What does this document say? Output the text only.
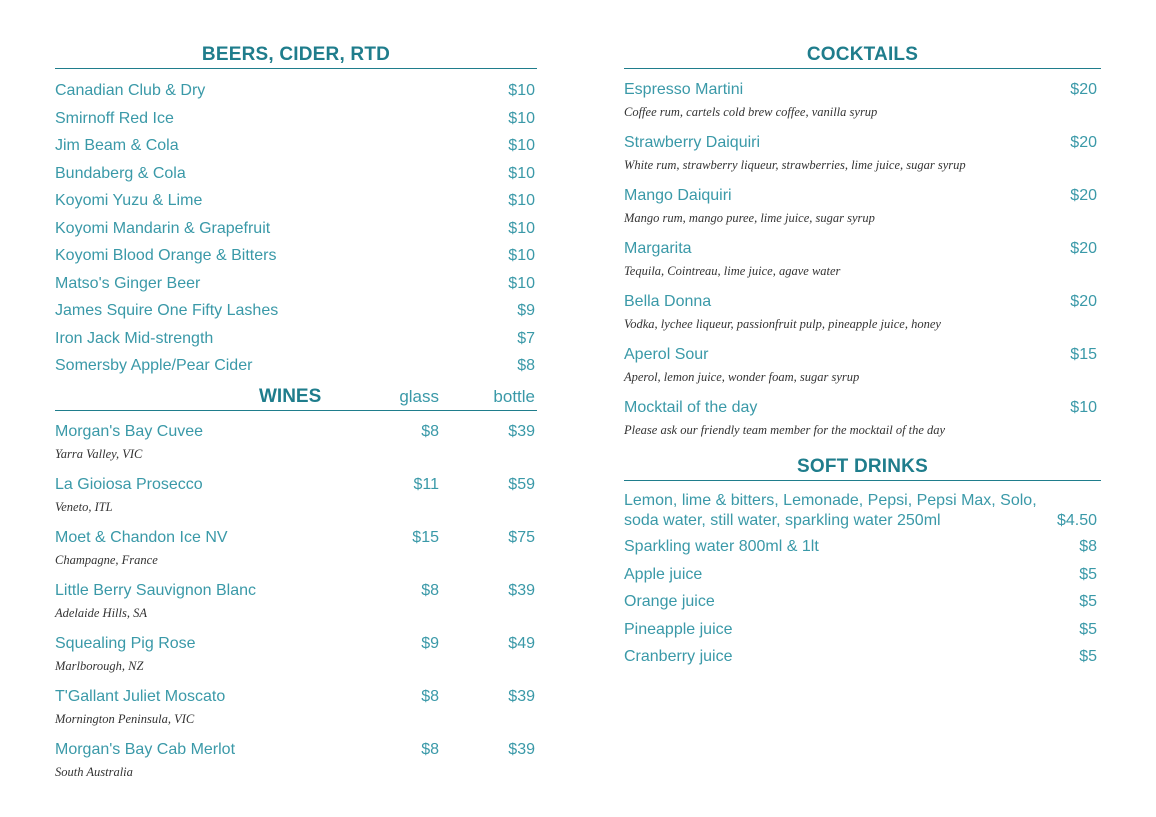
BEERS, CIDER, RTD
Canadian Club & Dry	$10
Smirnoff Red Ice	$10
Jim Beam & Cola	$10
Bundaberg & Cola	$10
Koyomi Yuzu & Lime	$10
Koyomi Mandarin & Grapefruit	$10
Koyomi Blood Orange & Bitters	$10
Matso's Ginger Beer	$10
James Squire One Fifty Lashes	$9
Iron Jack Mid-strength	$7
Somersby Apple/Pear Cider	$8
WINES	glass	bottle
Morgan's Bay Cuvee	$8	$39
Yarra Valley, VIC
La Gioiosa Prosecco	$11	$59
Veneto, ITL
Moet & Chandon Ice NV	$15	$75
Champagne, France
Little Berry Sauvignon Blanc	$8	$39
Adelaide Hills, SA
Squealing Pig Rose	$9	$49
Marlborough, NZ
T'Gallant Juliet Moscato	$8	$39
Mornington Peninsula, VIC
Morgan's Bay Cab Merlot	$8	$39
South Australia
COCKTAILS
Espresso Martini	$20
Coffee rum, cartels cold brew coffee, vanilla syrup
Strawberry Daiquiri	$20
White rum, strawberry liqueur, strawberries, lime juice, sugar syrup
Mango Daiquiri	$20
Mango rum, mango puree, lime juice, sugar syrup
Margarita	$20
Tequila, Cointreau, lime juice, agave water
Bella Donna	$20
Vodka, lychee liqueur, passionfruit pulp, pineapple juice, honey
Aperol Sour	$15
Aperol, lemon juice, wonder foam, sugar syrup
Mocktail of the day	$10
Please ask our friendly team member for the mocktail of the day
SOFT DRINKS
Lemon, lime & bitters, Lemonade, Pepsi, Pepsi Max, Solo,
soda water, still water, sparkling water 250ml	$4.50
Sparkling water 800ml & 1lt	$8
Apple juice	$5
Orange juice	$5
Pineapple juice	$5
Cranberry juice	$5
